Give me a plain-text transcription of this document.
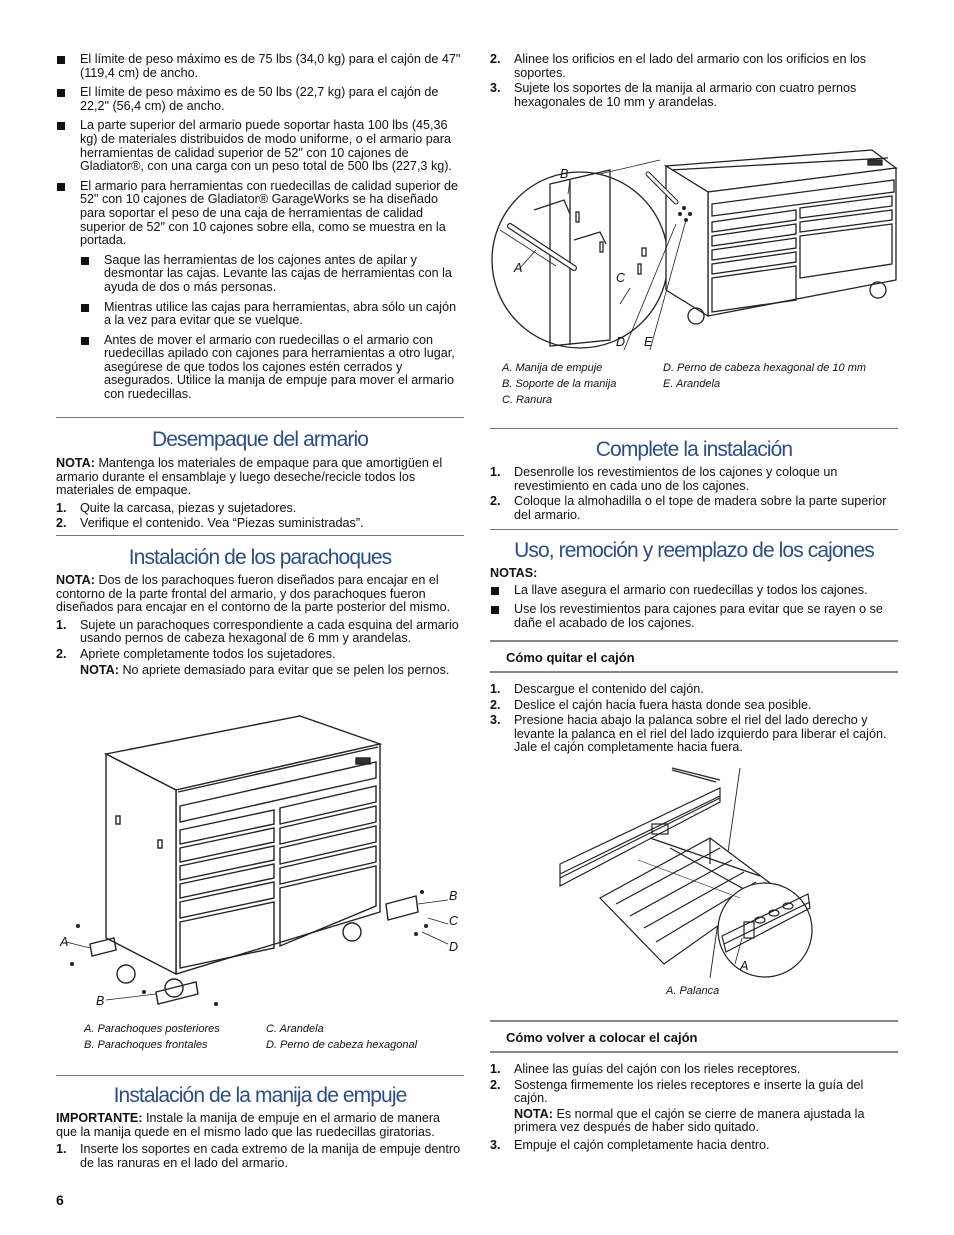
El límite de peso máximo es de 75 lbs (34,0 kg) para el cajón de 47" (119,4 cm) de ancho.
El límite de peso máximo es de 50 lbs (22,7 kg) para el cajón de 22,2" (56,4 cm) de ancho.
La parte superior del armario puede soportar hasta 100 lbs (45,36 kg) de materiales distribuidos de modo uniforme, o el armario para herramientas de calidad superior de 52" con 10 cajones de Gladiator®, con una carga con un peso total de 500 lbs (227,3 kg).
El armario para herramientas con ruedecillas de calidad superior de 52" con 10 cajones de Gladiator® GarageWorks se ha diseñado para soportar el peso de una caja de herramientas de calidad superior de 52" con 10 cajones sobre ella, como se muestra en la portada.
Saque las herramientas de los cajones antes de apilar y desmontar las cajas. Levante las cajas de herramientas con la ayuda de dos o más personas.
Mientras utilice las cajas para herramientas, abra sólo un cajón a la vez para evitar que se vuelque.
Antes de mover el armario con ruedecillas o el armario con ruedecillas apilado con cajones para herramientas a otro lugar, asegúrese de que todos los cajones estén cerrados y asegurados. Utilice la manija de empuje para mover el armario con ruedecillas.
Desempaque del armario

NOTA: Mantenga los materiales de empaque para que amortigüen el armario durante el ensamblaje y luego deseche/recicle todos los materiales de empaque.

1. Quite la carcasa, piezas y sujetadores.
2. Verifique el contenido. Vea “Piezas suministradas”.
Instalación de los parachoques

NOTA: Dos de los parachoques fueron diseñados para encajar en el contorno de la parte frontal del armario, y dos parachoques fueron diseñados para encajar en el contorno de la parte posterior del mismo.

1. Sujete un parachoques correspondiente a cada esquina del armario usando pernos de cabeza hexagonal de 6 mm y arandelas.
2. Apriete completamente todos los sujetadores.
NOTA: No apriete demasiado para evitar que se pelen los pernos.
A
B
B
C
D
A. Parachoques posteriores
B. Parachoques frontales
C. Arandela
D. Perno de cabeza hexagonal
Instalación de la manija de empuje

IMPORTANTE: Instale la manija de empuje en el armario de manera que la manija quede en el mismo lado que las ruedecillas giratorias.

1. Inserte los soportes en cada extremo de la manija de empuje dentro de las ranuras en el lado del armario.
6
2. Alinee los orificios en el lado del armario con los orificios en los soportes.
3. Sujete los soportes de la manija al armario con cuatro pernos hexagonales de 10 mm y arandelas.
B
A
C
D E
A. Manija de empuje
B. Soporte de la manija
C. Ranura
D. Perno de cabeza hexagonal de 10 mm
E. Arandela
Complete la instalación
1. Desenrolle los revestimientos de los cajones y coloque un revestimiento en cada uno de los cajones.
2. Coloque la almohadilla o el tope de madera sobre la parte superior del armario.
Uso, remoción y reemplazo de los cajones

NOTAS:

La llave asegura el armario con ruedecillas y todos los cajones.
Use los revestimientos para cajones para evitar que se rayen o se dañe el acabado de los cajones.
Cómo quitar el cajón
1. Descargue el contenido del cajón.
2. Deslice el cajón hacia fuera hasta donde sea posible.
3. Presione hacia abajo la palanca sobre el riel del lado derecho y levante la palanca en el riel del lado izquierdo para liberar el cajón. Jale el cajón completamente hacia fuera.
A
A. Palanca
Cómo volver a colocar el cajón
1. Alinee las guías del cajón con los rieles receptores.
2. Sostenga firmemente los rieles receptores e inserte la guía del cajón.
NOTA: Es normal que el cajón se cierre de manera ajustada la primera vez después de haber sido quitado.
3. Empuje el cajón completamente hacia dentro.
